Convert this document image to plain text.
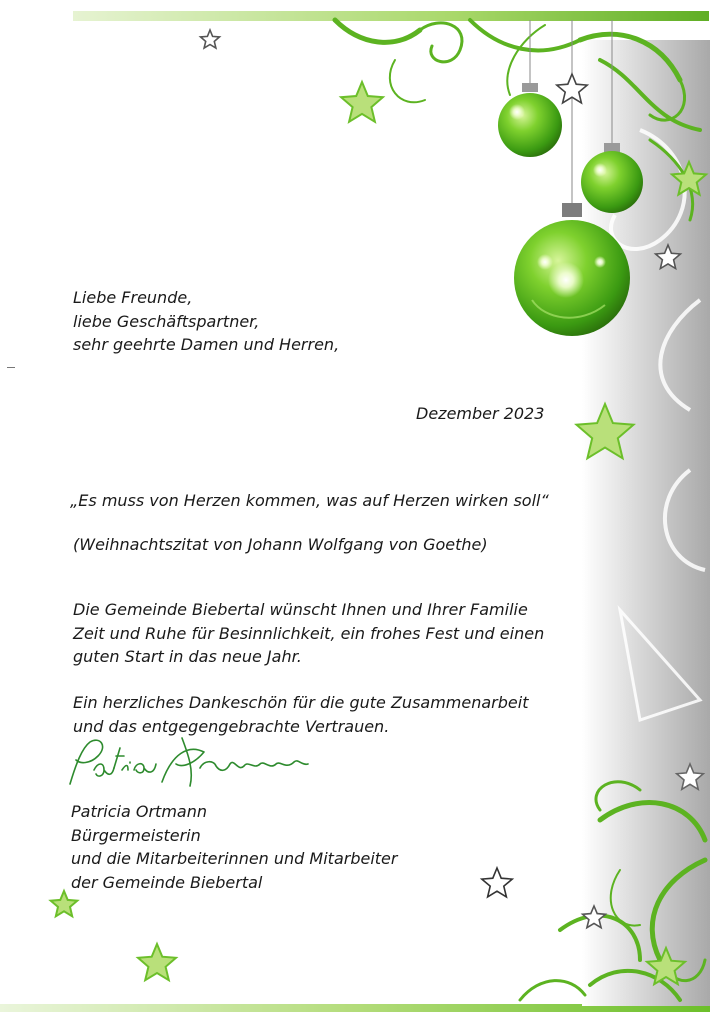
Liebe Freunde,
liebe Geschäftspartner,
sehr geehrte Damen und Herren,
Dezember 2023
„Es muss von Herzen kommen, was auf Herzen wirken soll“
(Weihnachtszitat von Johann Wolfgang von Goethe)
Die Gemeinde Biebertal wünscht Ihnen und Ihrer Familie
Zeit und Ruhe für Besinnlichkeit, ein frohes Fest und einen
guten Start in das neue Jahr.
Ein herzliches Dankeschön für die gute Zusammenarbeit
und das entgegengebrachte Vertrauen.
Patricia Ortmann
Bürgermeisterin
und die Mitarbeiterinnen und Mitarbeiter
der Gemeinde Biebertal
